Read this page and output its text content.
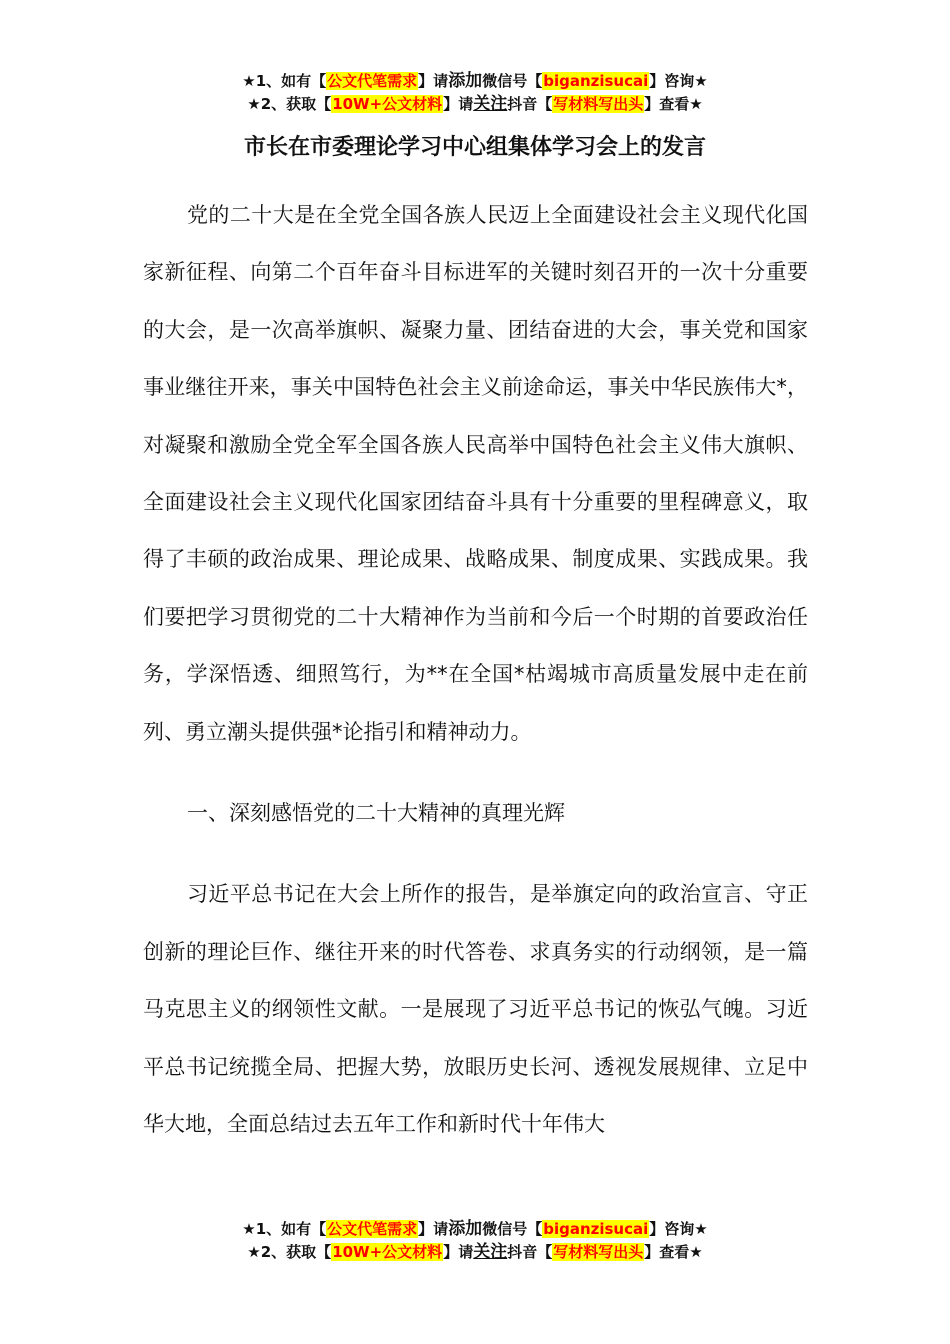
★1、如有【公文代笔需求】请添加微信号【biganzisucai】咨询★
★2、获取【10W+公文材料】请关注抖音【写材料写出头】查看★
市长在市委理论学习中心组集体学习会上的发言

党的二十大是在全党全国各族人民迈上全面建设社会主义现代化国家新征程、向第二个百年奋斗目标进军的关键时刻召开的一次十分重要的大会，是一次高举旗帜、凝聚力量、团结奋进的大会，事关党和国家事业继往开来，事关中国特色社会主义前途命运，事关中华民族伟大*，对凝聚和激励全党全军全国各族人民高举中国特色社会主义伟大旗帜、全面建设社会主义现代化国家团结奋斗具有十分重要的里程碑意义，取得了丰硕的政治成果、理论成果、战略成果、制度成果、实践成果。我们要把学习贯彻党的二十大精神作为当前和今后一个时期的首要政治任务，学深悟透、细照笃行，为**在全国*枯竭城市高质量发展中走在前列、勇立潮头提供强*论指引和精神动力。

一、深刻感悟党的二十大精神的真理光辉

习近平总书记在大会上所作的报告，是举旗定向的政治宣言、守正创新的理论巨作、继往开来的时代答卷、求真务实的行动纲领，是一篇马克思主义的纲领性文献。一是展现了习近平总书记的恢弘气魄。习近平总书记统揽全局、把握大势，放眼历史长河、透视发展规律、立足中华大地，全面总结过去五年工作和新时代十年伟大

★1、如有【公文代笔需求】请添加微信号【biganzisucai】咨询★
★2、获取【10W+公文材料】请关注抖音【写材料写出头】查看★
